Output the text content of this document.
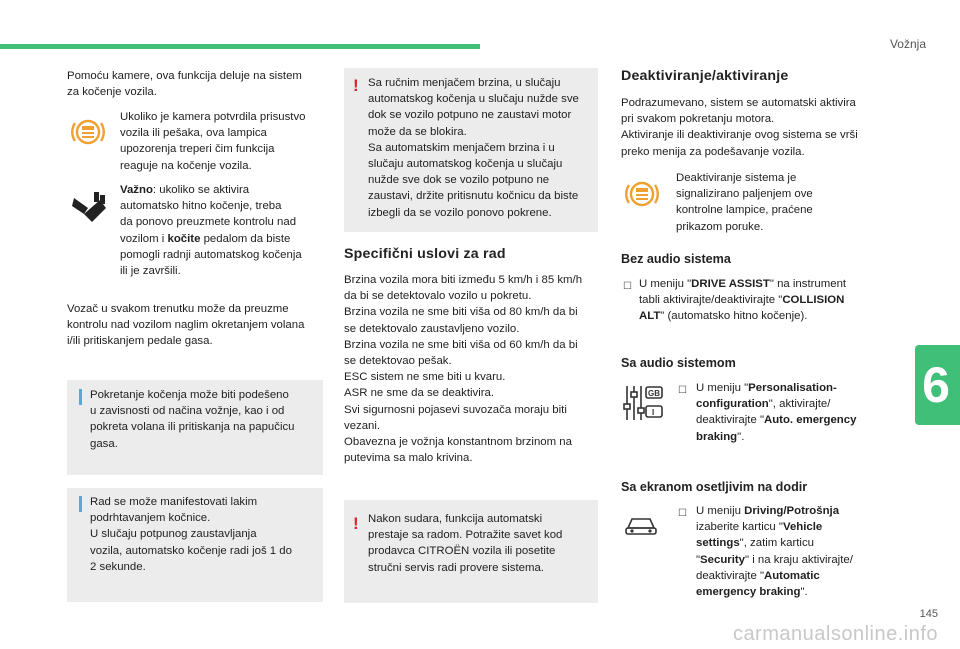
Vožnja
6
carmanualsonline.info
145

Pomoću kamere, ova funkcija deluje na sistem
za kočenje vozila.

Ukoliko je kamera potvrdila prisustvo
vozila ili pešaka, ova lampica
upozorenja treperi čim funkcija
reaguje na kočenje vozila.

Važno: ukoliko se aktivira
automatsko hitno kočenje, treba
da ponovo preuzmete kontrolu nad
vozilom i kočite pedalom da biste
pomogli radnji automatskog kočenja
ili je završili.

Vozač u svakom trenutku može da preuzme
kontrolu nad vozilom naglim okretanjem volana
i/ili pritiskanjem pedale gasa.

Pokretanje kočenja može biti podešeno
u zavisnosti od načina vožnje, kao i od
pokreta volana ili pritiskanja na papučicu
gasa.

Rad se može manifestovati lakim
podrhtavanjem kočnice.
U slučaju potpunog zaustavljanja
vozila, automatsko kočenje radi još 1 do
2 sekunde.

! Sa ručnim menjačem brzina, u slučaju
automatskog kočenja u slučaju nužde sve
dok se vozilo potpuno ne zaustavi motor
može da se blokira.
Sa automatskim menjačem brzina i u
slučaju automatskog kočenja u slučaju
nužde sve dok se vozilo potpuno ne
zaustavi, držite pritisnutu kočnicu da biste
izbegli da se vozilo ponovo pokrene.

Specifični uslovi za rad

Brzina vozila mora biti između 5 km/h i 85 km/h
da bi se detektovalo vozilo u pokretu.
Brzina vozila ne sme biti viša od 80 km/h da bi
se detektovalo zaustavljeno vozilo.
Brzina vozila ne sme biti viša od 60 km/h da bi
se detektovao pešak.
ESC sistem ne sme biti u kvaru.
ASR ne sme da se deaktivira.
Svi sigurnosni pojasevi suvozača moraju biti
vezani.
Obavezna je vožnja konstantnom brzinom na
putevima sa malo krivina.

! Nakon sudara, funkcija automatski
prestaje sa radom. Potražite savet kod
prodavca CITROËN vozila ili posetite
stručni servis radi provere sistema.

Deaktiviranje/aktiviranje

Podrazumevano, sistem se automatski aktivira
pri svakom pokretanju motora.
Aktiviranje ili deaktiviranje ovog sistema se vrši
preko menija za podešavanje vozila.

Deaktiviranje sistema je
signalizirano paljenjem ove
kontrolne lampice, praćene
prikazom poruke.

Bez audio sistema
☐ U meniju "DRIVE ASSIST" na instrument
tabli aktivirajte/deaktivirajte "COLLISION
ALT" (automatsko hitno kočenje).

Sa audio sistemom
GB
I
☐ U meniju "Personalisation-
configuration", aktivirajte/
deaktivirajte "Auto. emergency
braking".

Sa ekranom osetljivim na dodir
☐ U meniju Driving/Potrošnja
izaberite karticu "Vehicle
settings", zatim karticu
"Security" i na kraju aktivirajte/
deaktivirajte "Automatic
emergency braking".
